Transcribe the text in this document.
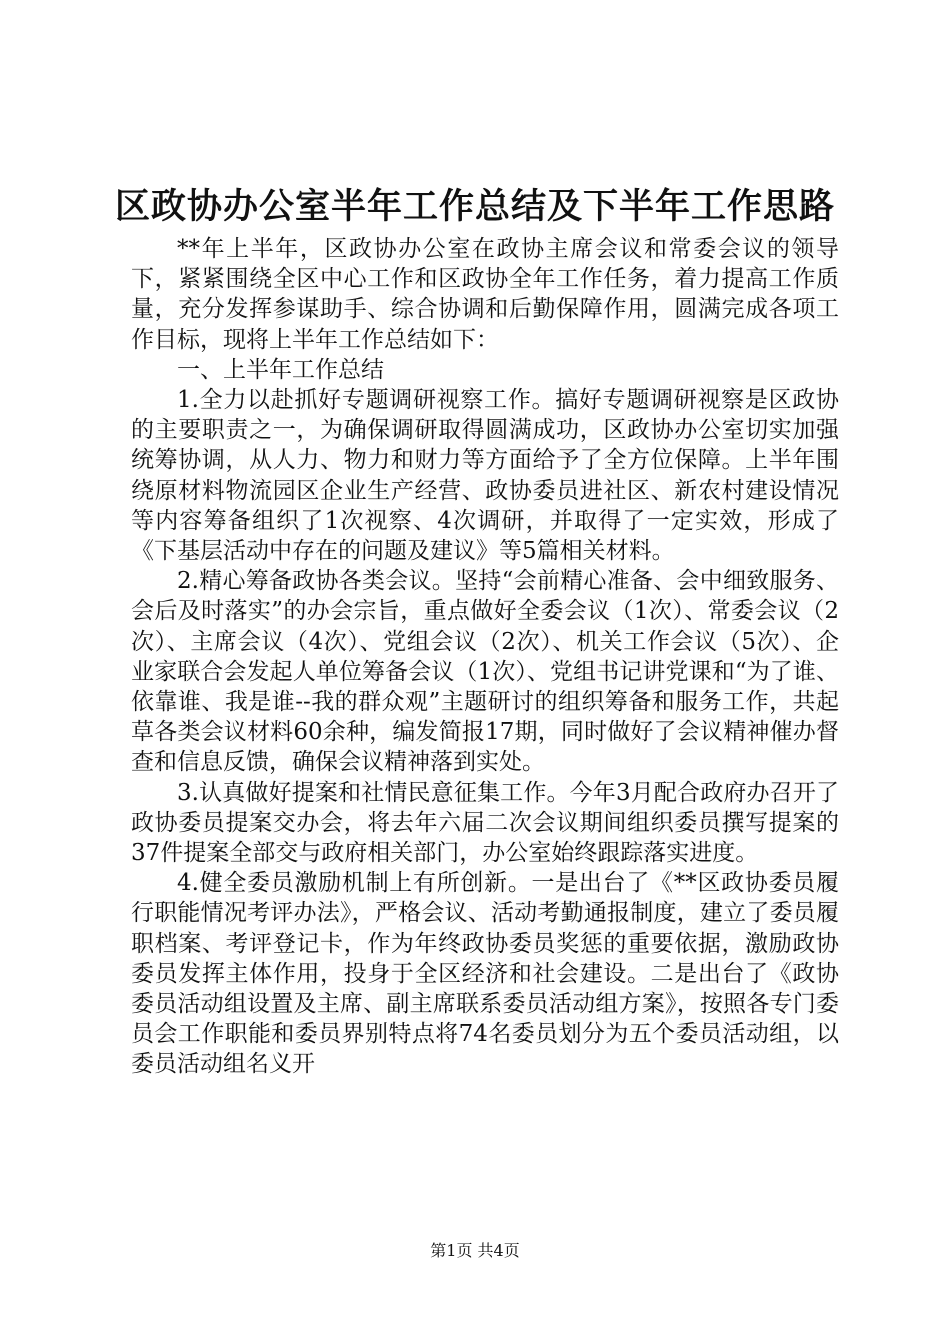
区政协办公室半年工作总结及下半年工作思路

**年上半年，区政协办公室在政协主席会议和常委会议的领导下，紧紧围绕全区中心工作和区政协全年工作任务，着力提高工作质量，充分发挥参谋助手、综合协调和后勤保障作用，圆满完成各项工作目标，现将上半年工作总结如下：

一、上半年工作总结

1.全力以赴抓好专题调研视察工作。搞好专题调研视察是区政协的主要职责之一，为确保调研取得圆满成功，区政协办公室切实加强统筹协调，从人力、物力和财力等方面给予了全方位保障。上半年围绕原材料物流园区企业生产经营、政协委员进社区、新农村建设情况等内容筹备组织了1次视察、4次调研，并取得了一定实效，形成了《下基层活动中存在的问题及建议》等5篇相关材料。

2.精心筹备政协各类会议。坚持“会前精心准备、会中细致服务、会后及时落实”的办会宗旨，重点做好全委会议（1次）、常委会议（2次）、主席会议（4次）、党组会议（2次）、机关工作会议（5次）、企业家联合会发起人单位筹备会议（1次）、党组书记讲党课和“为了谁、依靠谁、我是谁--我的群众观”主题研讨的组织筹备和服务工作，共起草各类会议材料60余种，编发简报17期，同时做好了会议精神催办督查和信息反馈，确保会议精神落到实处。

3.认真做好提案和社情民意征集工作。今年3月配合政府办召开了政协委员提案交办会，将去年六届二次会议期间组织委员撰写提案的37件提案全部交与政府相关部门，办公室始终跟踪落实进度。

4.健全委员激励机制上有所创新。一是出台了《**区政协委员履行职能情况考评办法》，严格会议、活动考勤通报制度，建立了委员履职档案、考评登记卡，作为年终政协委员奖惩的重要依据，激励政协委员发挥主体作用，投身于全区经济和社会建设。二是出台了《政协委员活动组设置及主席、副主席联系委员活动组方案》，按照各专门委员会工作职能和委员界别特点将74名委员划分为五个委员活动组，以委员活动组名义开

第1页 共4页
